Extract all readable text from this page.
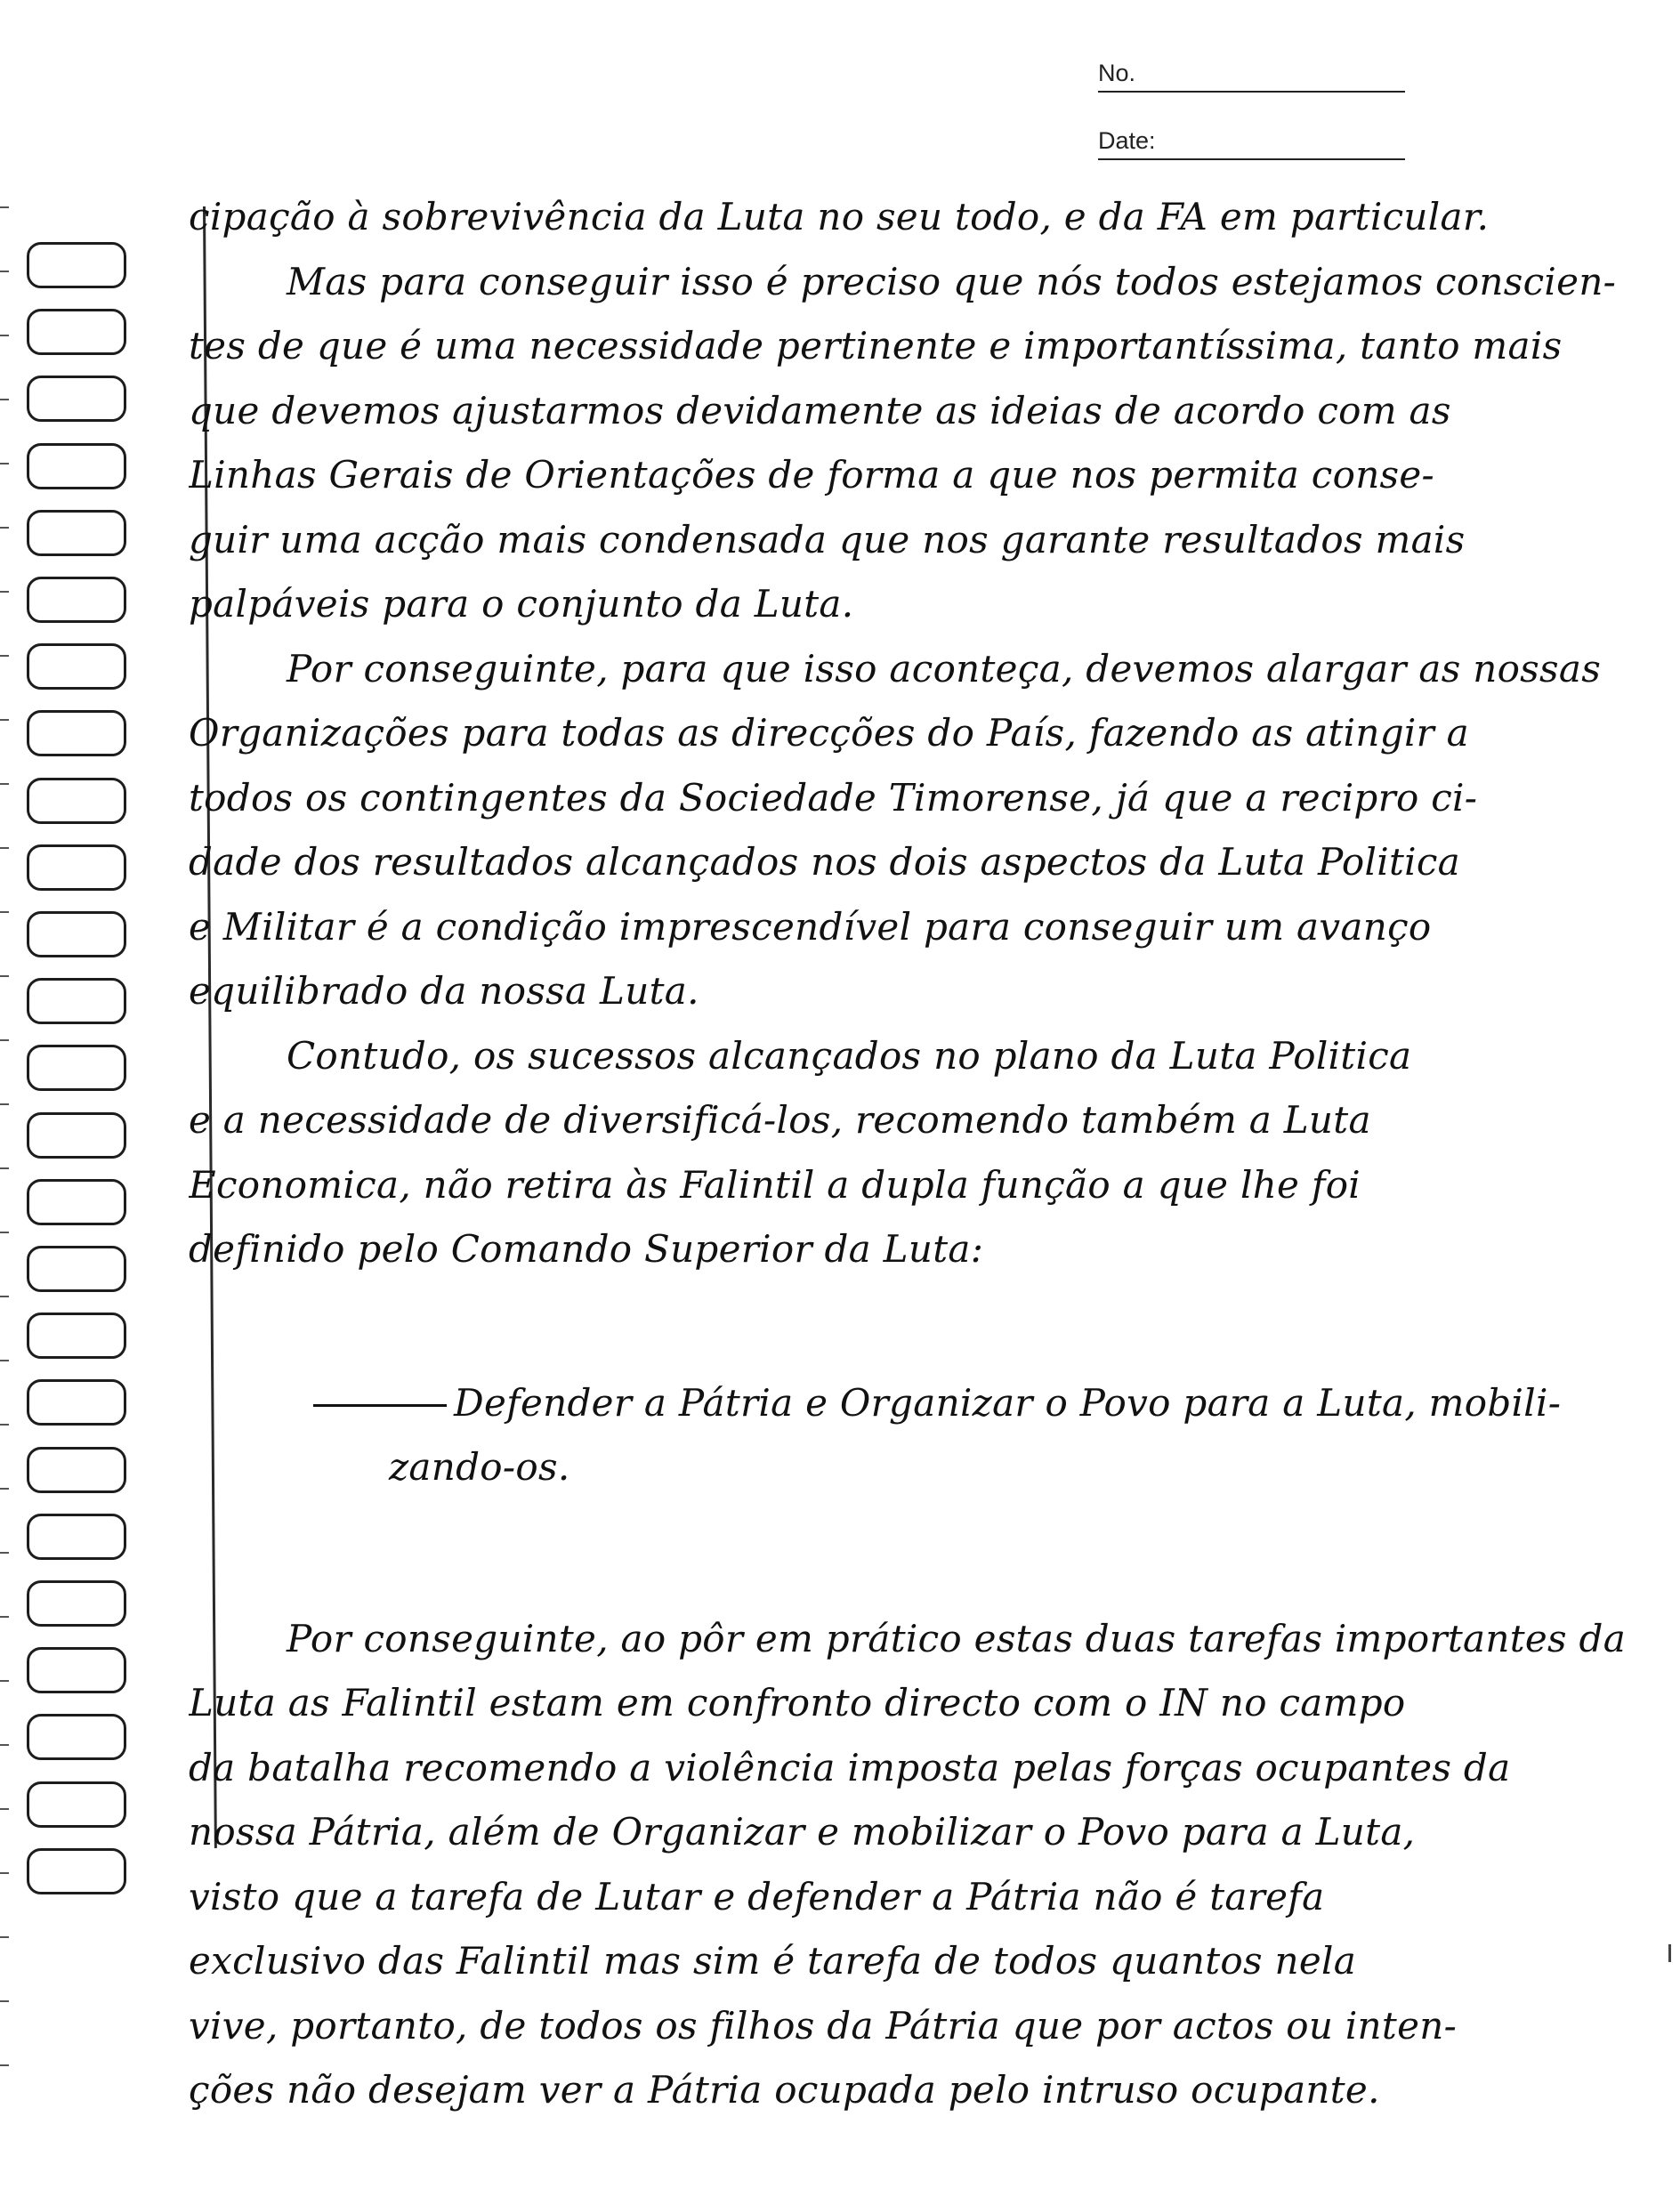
No.
Date:
cipação à sobrevivência da Luta no seu todo, e da FA em particular.
Mas para conseguir isso é preciso que nós todos estejamos conscien-
tes de que é uma necessidade pertinente e importantíssima, tanto mais
que devemos ajustarmos devidamente as ideias de acordo com as
Linhas Gerais de Orientações de forma a que nos permita conse-
guir uma acção mais condensada que nos garante resultados mais
palpáveis para o conjunto da Luta.
Por conseguinte, para que isso aconteça, devemos alargar as nossas
Organizações para todas as direcções do País, fazendo as atingir a
todos os contingentes da Sociedade Timorense, já que a recipro ci-
dade dos resultados alcançados nos dois aspectos da Luta Politica
e Militar é a condição imprescendível para conseguir um avanço
equilibrado da nossa Luta.
Contudo, os sucessos alcançados no plano da Luta Politica
e a necessidade de diversificá-los, recomendo também a Luta
Economica, não retira às Falintil a dupla função a que lhe foi
definido pelo Comando Superior da Luta:
Defender a Pátria e Organizar o Povo para a Luta, mobili-
zando-os.
Por conseguinte, ao pôr em prático estas duas tarefas importantes da
Luta as Falintil estam em confronto directo com o IN no campo
da batalha recomendo a violência imposta pelas forças ocupantes da
nossa Pátria, além de Organizar e mobilizar o Povo para a Luta,
visto que a tarefa de Lutar e defender a Pátria não é tarefa
exclusivo das Falintil mas sim é tarefa de todos quantos nela
vive, portanto, de todos os filhos da Pátria que por actos ou inten-
ções não desejam ver a Pátria ocupada pelo intruso ocupante.
